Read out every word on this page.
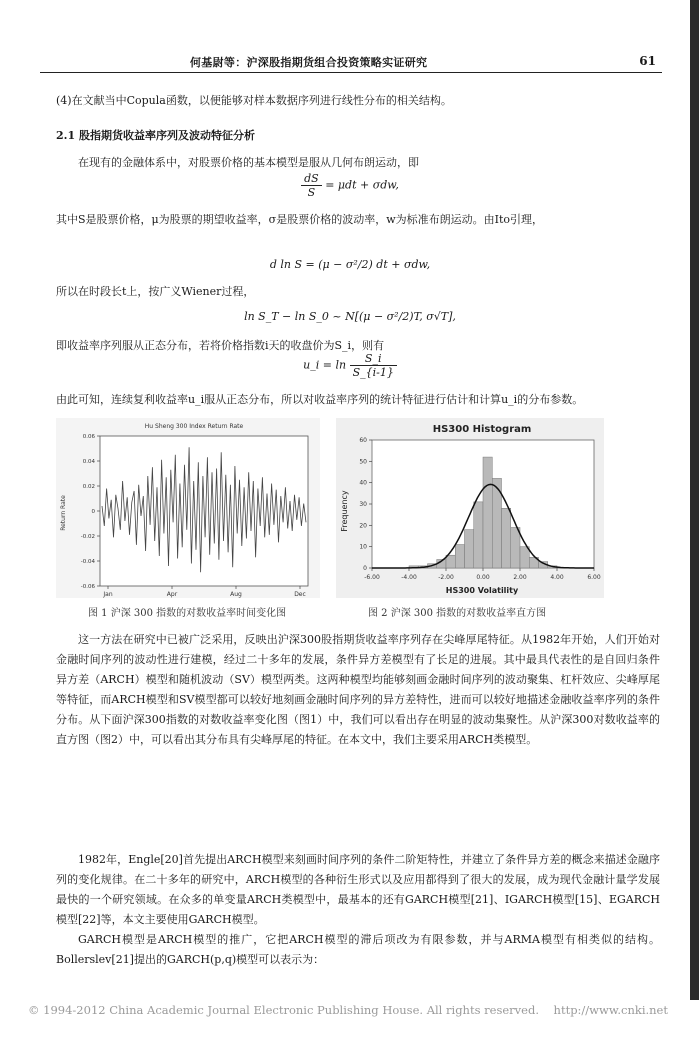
何基尉等：沪深股指期货组合投资策略实证研究	61
(4)在文献当中Copula函数，以便能够对样本数据序列进行线性分布的相关结构。
2.1 股指期货收益率序列及波动特征分析
在现有的金融体系中，对股票价格的基本模型是服从几何布朗运动，即
$\frac{dS}{S} = \mu dt + \sigma dw$,
其中S是股票价格，μ为股票的期望收益率，σ是股票价格的波动率，w为标准布朗运动。由Ito引理，
d ln S = (μ − σ²/2) dt + σdw,
所以在时段长t上，按广义Wiener过程，
ln S_T − ln S_0 ~ N[(μ − σ²/2)T, σ√T],
即收益率序列服从正态分布，若将价格指数i天的收盘价为S_i，则有
u_i = $\ln \frac{S\_i}{S\_\{i-1\}}$
由此可知，连续复利收益率u_i服从正态分布，所以对收益率序列的统计特征进行估计和计算u_i的分布参数。
Hu Sheng 300 Index Return Rate
Return Rate
0.06
0.04
0.02
0
-0.02
-0.04
-0.06
Jan	Apr	Aug	Dec
图 1 沪深 300 指数的对数收益率时间变化图
HS300 Histogram
Frequency
HS300 Volatility
60
50
40
30
20
10
0
-6.00	-4.00	-2.00	0.00	2.00	4.00	6.00
图 2 沪深 300 指数的对数收益率直方图
这一方法在研究中已被广泛采用，反映出沪深300股指期货收益率序列存在尖峰厚尾特征。从1982年开始，人们开始对金融时间序列的波动性进行建模，经过二十多年的发展，条件异方差模型有了长足的进展。其中最具代表性的是自回归条件异方差（ARCH）模型和随机波动（SV）模型两类。这两种模型均能够刻画金融时间序列的波动聚集、杠杆效应、尖峰厚尾等特征，而ARCH模型和SV模型都可以较好地刻画金融时间序列的异方差特性，进而可以较好地描述金融收益率序列的条件分布。从下面沪深300指数的对数收益率变化图（图1）中，我们可以看出存在明显的波动集聚性。从沪深300对数收益率的直方图（图2）中，可以看出其分布具有尖峰厚尾的特征。在本文中，我们主要采用ARCH类模型。
1982年，Engle[20]首先提出ARCH模型来刻画时间序列的条件二阶矩特性，并建立了条件异方差的概念来描述金融序列的变化规律。在二十多年的研究中，ARCH模型的各种衍生形式以及应用都得到了很大的发展，成为现代金融计量学发展最快的一个研究领域。在众多的单变量ARCH类模型中，最基本的还有GARCH模型[21]、IGARCH模型[15]、EGARCH模型[22]等，本文主要使用GARCH模型。
GARCH模型是ARCH模型的推广，它把ARCH模型的滞后项改为有限参数，并与ARMA模型有相类似的结构。Bollerslev[21]提出的GARCH(p,q)模型可以表示为：
© 1994-2012 China Academic Journal Electronic Publishing House. All rights reserved. http://www.cnki.net
